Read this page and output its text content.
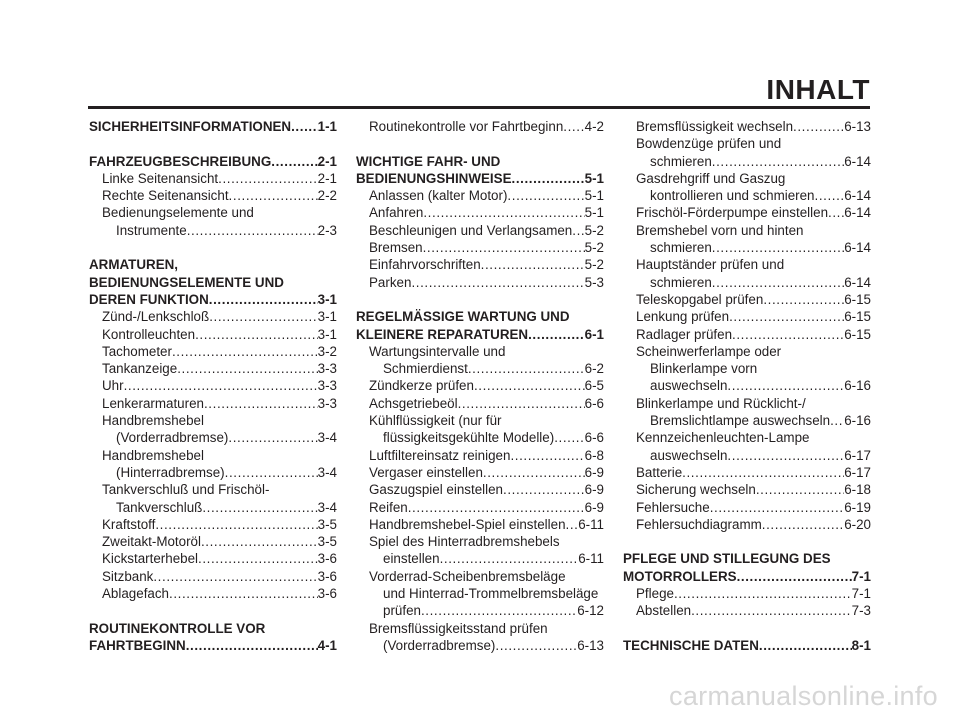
INHALT
SICHERHEITSINFORMATIONEN ..... 1-1
FAHRZEUGBESCHREIBUNG .....	2-1
Linke Seitenansicht .....	2-1
Rechte Seitenansicht .....	2-2
Bedienungselemente und
Instrumente .....	2-3
ARMATUREN,
BEDIENUNGSELEMENTE UND
DEREN FUNKTION .....	3-1
Zünd-/Lenkschloß .....	3-1
Kontrolleuchten .....	3-1
Tachometer .....	3-2
Tankanzeige .....	3-3
Uhr .....	3-3
Lenkerarmaturen .....	3-3
Handbremshebel
(Vorderradbremse) .....	3-4
Handbremshebel
(Hinterradbremse) .....	3-4
Tankverschluß und Frischöl-
Tankverschluß .....	3-4
Kraftstoff .....	3-5
Zweitakt-Motoröl .....	3-5
Kickstarterhebel .....	3-6
Sitzbank .....	3-6
Ablagefach .....	3-6
ROUTINEKONTROLLE VOR
FAHRTBEGINN .....	4-1
Routinekontrolle vor Fahrtbeginn ..... 4-2
WICHTIGE FAHR- UND
BEDIENUNGSHINWEISE .....	5-1
Anlassen (kalter Motor) .....	5-1
Anfahren .....	5-1
Beschleunigen und Verlangsamen ..... 5-2
Bremsen .....	5-2
Einfahrvorschriften .....	5-2
Parken .....	5-3
REGELMÄSSIGE WARTUNG UND
KLEINERE REPARATUREN .....	6-1
Wartungsintervalle und
Schmierdienst .....	6-2
Zündkerze prüfen .....	6-5
Achsgetriebeöl .....	6-6
Kühlflüssigkeit (nur für
flüssigkeitsgekühlte Modelle) ..... 6-6
Luftfiltereinsatz reinigen .....	6-8
Vergaser einstellen .....	6-9
Gaszugspiel einstellen .....	6-9
Reifen .....	6-9
Handbremshebel-Spiel einstellen ..... 6-11
Spiel des Hinterradbremshebels
einstellen .....	6-11
Vorderrad-Scheibenbremsbeläge
und Hinterrad-Trommelbremsbeläge
prüfen .....	6-12
Bremsflüssigkeitsstand prüfen
(Vorderradbremse) .....	6-13
Bremsflüssigkeit wechseln .....	6-13
Bowdenzüge prüfen und
schmieren .....	6-14
Gasdrehgriff und Gaszug
kontrollieren und schmieren ..... 6-14
Frischöl-Förderpumpe einstellen ..... 6-14
Bremshebel vorn und hinten
schmieren .....	6-14
Hauptständer prüfen und
schmieren .....	6-14
Teleskopgabel prüfen .....	6-15
Lenkung prüfen .....	6-15
Radlager prüfen .....	6-15
Scheinwerferlampe oder
Blinkerlampe vorn
auswechseln .....	6-16
Blinkerlampe und Rücklicht-/
Bremslichtlampe auswechseln ..... 6-16
Kennzeichenleuchten-Lampe
auswechseln .....	6-17
Batterie .....	6-17
Sicherung wechseln .....	6-18
Fehlersuche .....	6-19
Fehlersuchdiagramm .....	6-20
PFLEGE UND STILLEGUNG DES
MOTORROLLERS .....	7-1
Pflege .....	7-1
Abstellen .....	7-3
TECHNISCHE DATEN .....	8-1
carmanualsonline.info
